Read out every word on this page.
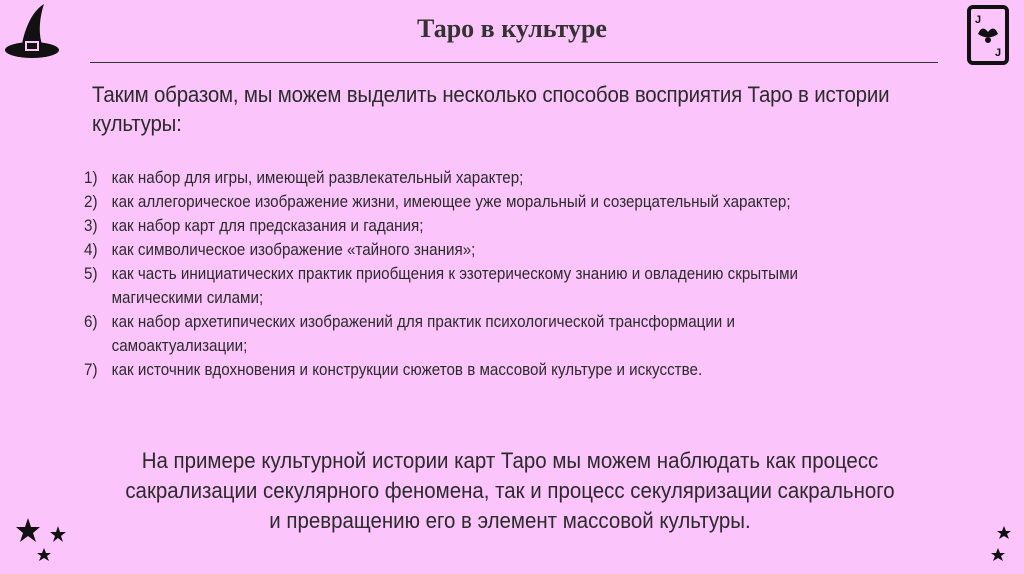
J
J
Таро в культуре
Таким образом, мы можем выделить несколько способов восприятия Таро в истории
культуры:
1) как набор для игры, имеющей развлекательный характер;
2) как аллегорическое изображение жизни, имеющее уже моральный и созерцательный характер;
3) как набор карт для предсказания и гадания;
4) как символическое изображение «тайного знания»;
5) как часть инициатических практик приобщения к эзотерическому знанию и овладению скрытыми
магическими силами;
6) как набор архетипических изображений для практик психологической трансформации и
самоактуализации;
7) как источник вдохновения и конструкции сюжетов в массовой культуре и искусстве.
На примере культурной истории карт Таро мы можем наблюдать как процесс
сакрализации секулярного феномена, так и процесс секуляризации сакрального
и превращению его в элемент массовой культуры.
